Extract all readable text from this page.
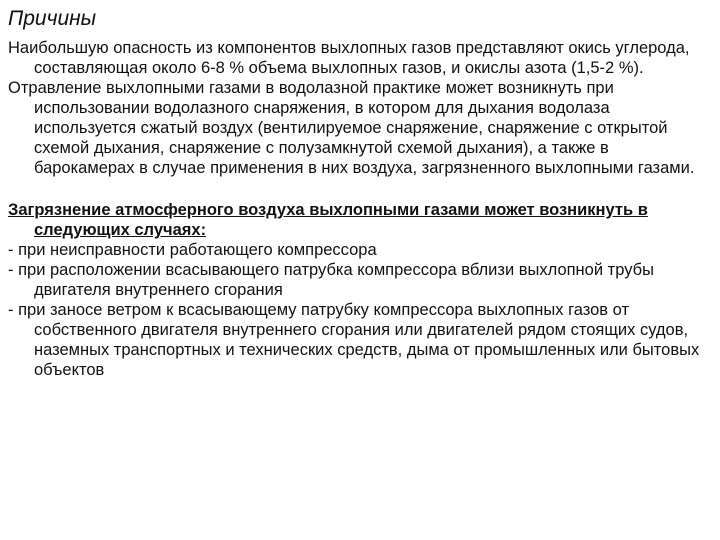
Причины

Наибольшую опасность из компонентов выхлопных газов представляют окись углерода, составляющая около 6-8 % объема выхлопных газов, и окислы азота (1,5-2 %).

Отравление выхлопными газами в водолазной практике может возникнуть при использовании водолазного снаряжения, в котором для дыхания водолаза используется сжатый воздух (вентилируемое снаряжение, снаряжение с открытой схемой дыхания, снаряжение с полузамкнутой схемой дыхания), а также в барокамерах в случае применения в них воздуха, загрязненного выхлопными газами.

Загрязнение атмосферного воздуха выхлопными газами может возникнуть в следующих случаях:

- при неисправности работающего компрессора

- при расположении всасывающего патрубка компрессора вблизи выхлопной трубы двигателя внутреннего сгорания

- при заносе ветром к всасывающему патрубку компрессора выхлопных газов от собственного двигателя внутреннего сгорания или двигателей рядом стоящих судов, наземных транспортных и технических средств, дыма от промышленных или бытовых объектов
